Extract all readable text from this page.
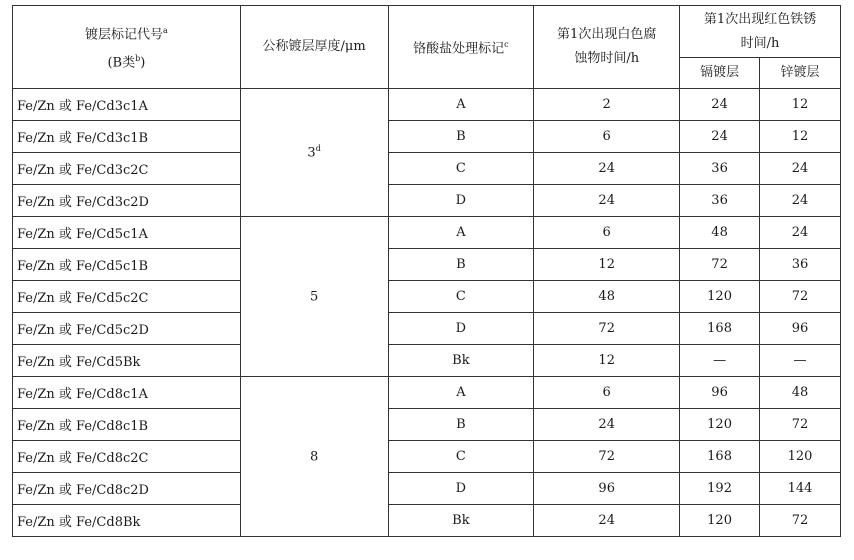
镀层标记代号$^a$
(B类$^b$)	公称镀层厚度/μm	铬酸盐处理标记$^c$	第1次出现白色腐蚀物时间/h	第1次出现红色铁锈时间/h	
				镉镀层	锌镀层
Fe/Zn 或 Fe/Cd3c1A	3$^d$	A	2	24	12
Fe/Zn 或 Fe/Cd3c1B		B	6	24	12
Fe/Zn 或 Fe/Cd3c2C		C	24	36	24
Fe/Zn 或 Fe/Cd3c2D		D	24	36	24
Fe/Zn 或 Fe/Cd5c1A	5	A	6	48	24
Fe/Zn 或 Fe/Cd5c1B		B	12	72	36
Fe/Zn 或 Fe/Cd5c2C		C	48	120	72
Fe/Zn 或 Fe/Cd5c2D		D	72	168	96
Fe/Zn 或 Fe/Cd5Bk		Bk	12	—	—
Fe/Zn 或 Fe/Cd8c1A	8	A	6	96	48
Fe/Zn 或 Fe/Cd8c1B		B	24	120	72
Fe/Zn 或 Fe/Cd8c2C		C	72	168	120
Fe/Zn 或 Fe/Cd8c2D		D	96	192	144
Fe/Zn 或 Fe/Cd8Bk		Bk	24	120	72
